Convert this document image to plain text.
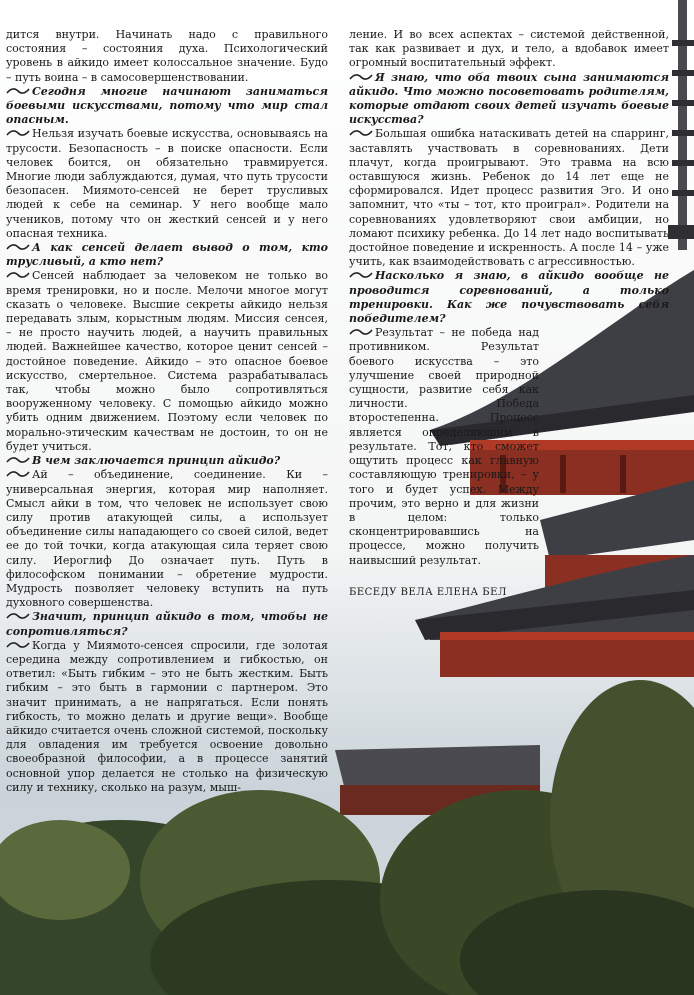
дится внутри. Начинать надо с правильного состояния – состояния духа. Психологический уровень в айкидо имеет колоссальное значение. Будо – путь воина – в самосовершенствовании.

Сегодня многие начинают заниматься боевыми искусствами, потому что мир стал опасным.

Нельзя изучать боевые искусства, основываясь на трусости. Безопасность – в поиске опасности. Если человек боится, он обязательно травмируется. Многие люди заблуждаются, думая, что путь трусости безопасен. Миямото-сенсей не берет трусливых людей к себе на семинар. У него вообще мало учеников, потому что он жесткий сенсей и у него опасная техника.

А как сенсей делает вывод о том, кто трусливый, а кто нет?

Сенсей наблюдает за человеком не только во время тренировки, но и после. Мелочи многое могут сказать о человеке. Высшие секреты айкидо нельзя передавать злым, корыстным людям. Миссия сенсея, – не просто научить людей, а научить правильных людей. Важнейшее качество, которое ценит сенсей – достойное поведение. Айкидо – это опасное боевое искусство, смертельное. Система разрабатывалась так, чтобы можно было сопротивляться вооруженному человеку. С помощью айкидо можно убить одним движением. Поэтому если человек по морально-этическим качествам не достоин, то он не будет учиться.

В чем заключается принцип айкидо?

Ай – объединение, соединение. Ки – универсальная энергия, которая мир наполняет. Смысл айки в том, что человек не использует свою силу против атакующей силы, а использует объединение силы нападающего со своей силой, ведет ее до той точки, когда атакующая сила теряет свою силу. Иероглиф До означает путь. Путь в философском понимании – обретение мудрости. Мудрость позволяет человеку вступить на путь духовного совершенства.

Значит, принцип айкидо в том, чтобы не сопротивляться?

Когда у Миямото-сенсея спросили, где золотая середина между сопротивлением и гибкостью, он ответил: «Быть гибким – это не быть жестким. Быть гибким – это быть в гармонии с партнером. Это значит принимать, а не напрягаться. Если понять гибкость, то можно делать и другие вещи». Вообще айкидо считается очень сложной системой, поскольку для овладения им требуется освоение довольно своеобразной философии, а в процессе занятий основной упор делается не столько на физическую силу и технику, сколько на разум, мыш-

ление. И во всех аспектах – системой действенной, так как развивает и дух, и тело, а вдобавок имеет огромный воспитательный эффект.

Я знаю, что оба твоих сына занимаются айкидо. Что можно посоветовать родителям, которые отдают своих детей изучать боевые искусства?

Большая ошибка натаскивать детей на спарринг, заставлять участвовать в соревнованиях. Дети плачут, когда проигрывают. Это травма на всю оставшуюся жизнь. Ребенок до 14 лет еще не сформировался. Идет процесс развития Эго. И оно запомнит, что «ты – тот, кто проиграл». Родители на соревнованиях удовлетворяют свои амбиции, но ломают психику ребенка. До 14 лет надо воспитывать достойное поведение и искренность. А после 14 – уже учить, как взаимодействовать с агрессивностью.

Насколько я знаю, в айкидо вообще не проводится соревнований, а только тренировки. Как же почувствовать себя победителем?

Результат – не победа над противником. Результат боевого искусства – это улучшение своей природной сущности, развитие себя как личности. Победа второстепенна. Процесс является определяющим в результате. Тот, кто сможет ощутить процесс как главную составляющую тренировки, – у того и будет успех. Между прочим, это верно и для жизни в целом: только сконцентрировавшись на процессе, можно получить наивысший результат.

БЕСЕДУ ВЕЛА ЕЛЕНА БЕЛ
